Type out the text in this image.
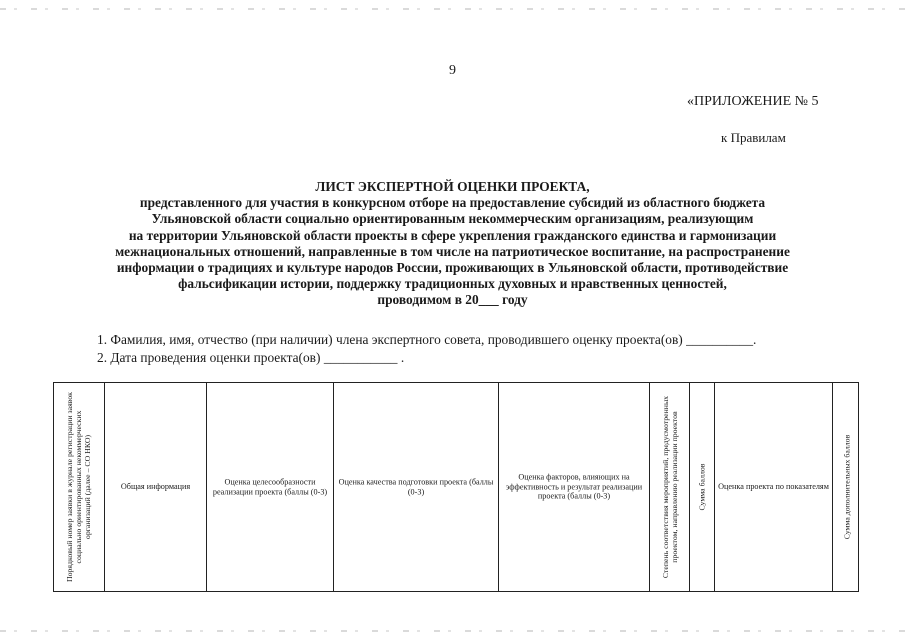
9
«ПРИЛОЖЕНИЕ № 5
к Правилам
ЛИСТ ЭКСПЕРТНОЙ ОЦЕНКИ ПРОЕКТА,
представленного для участия в конкурсном отборе на предоставление субсидий из областного бюджета
Ульяновской области социально ориентированным некоммерческим организациям, реализующим
на территории Ульяновской области проекты в сфере укрепления гражданского единства и гармонизации
межнациональных отношений, направленные в том числе на патриотическое воспитание, на распространение
информации о традициях и культуре народов России, проживающих в Ульяновской области, противодействие
фальсификации истории, поддержку традиционных духовных и нравственных ценностей,
проводимом в 20___ году
1. Фамилия, имя, отчество (при наличии) члена экспертного совета, проводившего оценку проекта(ов) __________.
2. Дата проведения оценки проекта(ов) ___________ .
Порядковый номер заявки в журнале регистрации заявок социально ориентированных некоммерческих организаций (далее – СО НКО)	Общая информация
Оценка целесообразности реализации проекта (баллы (0-3)
Оценка качества подготовки проекта (баллы (0-3)
Оценка факторов, влияющих на эффективность и результат реализации проекта (баллы (0-3)	Степень соответствия мероприятий, предусмотренных проектом, направлению реализации проектов Сумма баллов Оценка проекта по показателям Сумма дополнительных баллов
